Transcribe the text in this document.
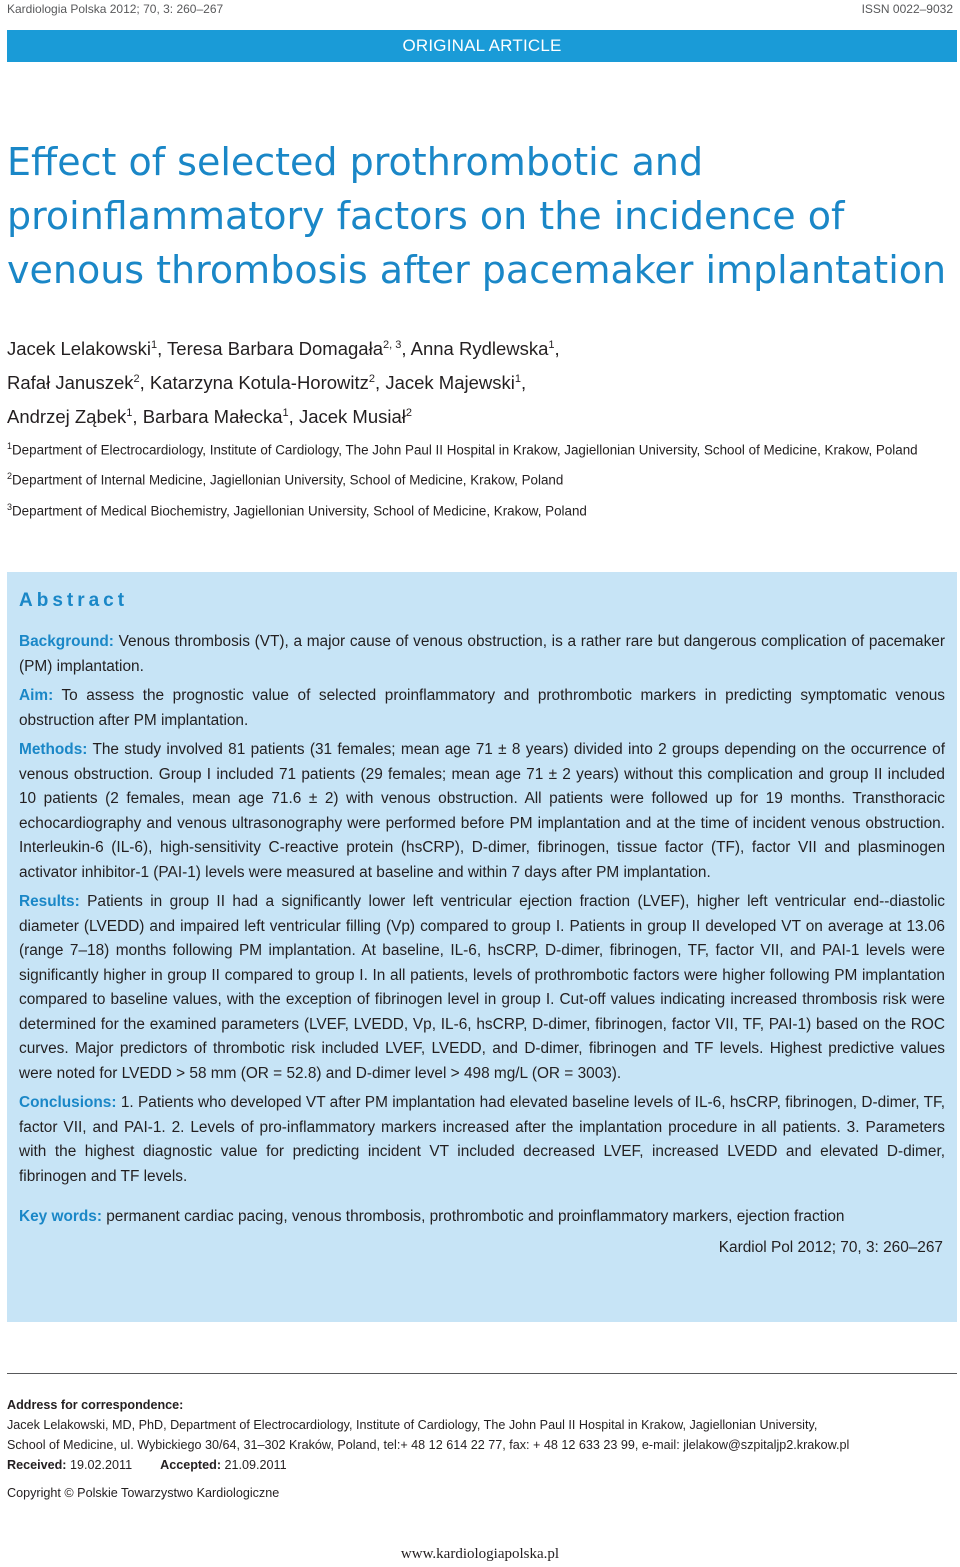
Kardiologia Polska 2012; 70, 3: 260–267	ISSN 0022–9032
ORIGINAL ARTICLE
Effect of selected prothrombotic and
proinflammatory factors on the incidence of
venous thrombosis after pacemaker implantation
Jacek Lelakowski$^1$, Teresa Barbara Domagała$^{2, 3}$, Anna Rydlewska$^1$,
Rafał Januszek$^2$, Katarzyna Kotula-Horowitz$^2$, Jacek Majewski$^1$,
Andrzej Ząbek$^1$, Barbara Małecka$^1$, Jacek Musiał$^2$

$^1$Department of Electrocardiology, Institute of Cardiology, The John Paul II Hospital in Krakow, Jagiellonian University, School of Medicine, Krakow, Poland

$^2$Department of Internal Medicine, Jagiellonian University, School of Medicine, Krakow, Poland

$^3$Department of Medical Biochemistry, Jagiellonian University, School of Medicine, Krakow, Poland

Abstract

Background: Venous thrombosis (VT), a major cause of venous obstruction, is a rather rare but dangerous complication of pacemaker (PM) implantation.

Aim: To assess the prognostic value of selected proinflammatory and prothrombotic markers in predicting symptomatic venous obstruction after PM implantation.

Methods: The study involved 81 patients (31 females; mean age 71 ± 8 years) divided into 2 groups depending on the occurrence of venous obstruction. Group I included 71 patients (29 females; mean age 71 ± 2 years) without this complication and group II included 10 patients (2 females, mean age 71.6 ± 2) with venous obstruction. All patients were followed up for 19 months. Transthoracic echocardiography and venous ultrasonography were performed before PM implantation and at the time of incident venous obstruction. Interleukin-6 (IL-6), high-sensitivity C-reactive protein (hsCRP), D-dimer, fibrinogen, tissue factor (TF), factor VII and plasminogen activator inhibitor-1 (PAI-1) levels were measured at baseline and within 7 days after PM implantation.

Results: Patients in group II had a significantly lower left ventricular ejection fraction (LVEF), higher left ventricular end--diastolic diameter (LVEDD) and impaired left ventricular filling (Vp) compared to group I. Patients in group II developed VT on average at 13.06 (range 7–18) months following PM implantation. At baseline, IL-6, hsCRP, D-dimer, fibrinogen, TF, factor VII, and PAI-1 levels were significantly higher in group II compared to group I. In all patients, levels of prothrombotic factors were higher following PM implantation compared to baseline values, with the exception of fibrinogen level in group I. Cut-off values indicating increased thrombosis risk were determined for the examined parameters (LVEF, LVEDD, Vp, IL-6, hsCRP, D-dimer, fibrinogen, factor VII, TF, PAI-1) based on the ROC curves. Major predictors of thrombotic risk included LVEF, LVEDD, and D-dimer, fibrinogen and TF levels. Highest predictive values were noted for LVEDD > 58 mm (OR = 52.8) and D-dimer level > 498 mg/L (OR = 3003).

Conclusions: 1. Patients who developed VT after PM implantation had elevated baseline levels of IL-6, hsCRP, fibrinogen, D-dimer, TF, factor VII, and PAI-1. 2. Levels of pro-inflammatory markers increased after the implantation procedure in all patients. 3. Parameters with the highest diagnostic value for predicting incident VT included decreased LVEF, increased LVEDD and elevated D-dimer, fibrinogen and TF levels.

Key words: permanent cardiac pacing, venous thrombosis, prothrombotic and proinflammatory markers, ejection fraction
Kardiol Pol 2012; 70, 3: 260–267
Address for correspondence:
Jacek Lelakowski, MD, PhD, Department of Electrocardiology, Institute of Cardiology, The John Paul II Hospital in Krakow, Jagiellonian University,
School of Medicine, ul. Wybickiego 30/64, 31–302 Kraków, Poland, tel:+ 48 12 614 22 77, fax: + 48 12 633 23 99, e-mail: jlelakow@szpitaljp2.krakow.pl
Received: 19.02.2011 Accepted: 21.09.2011
Copyright © Polskie Towarzystwo Kardiologiczne
www.kardiologiapolska.pl
